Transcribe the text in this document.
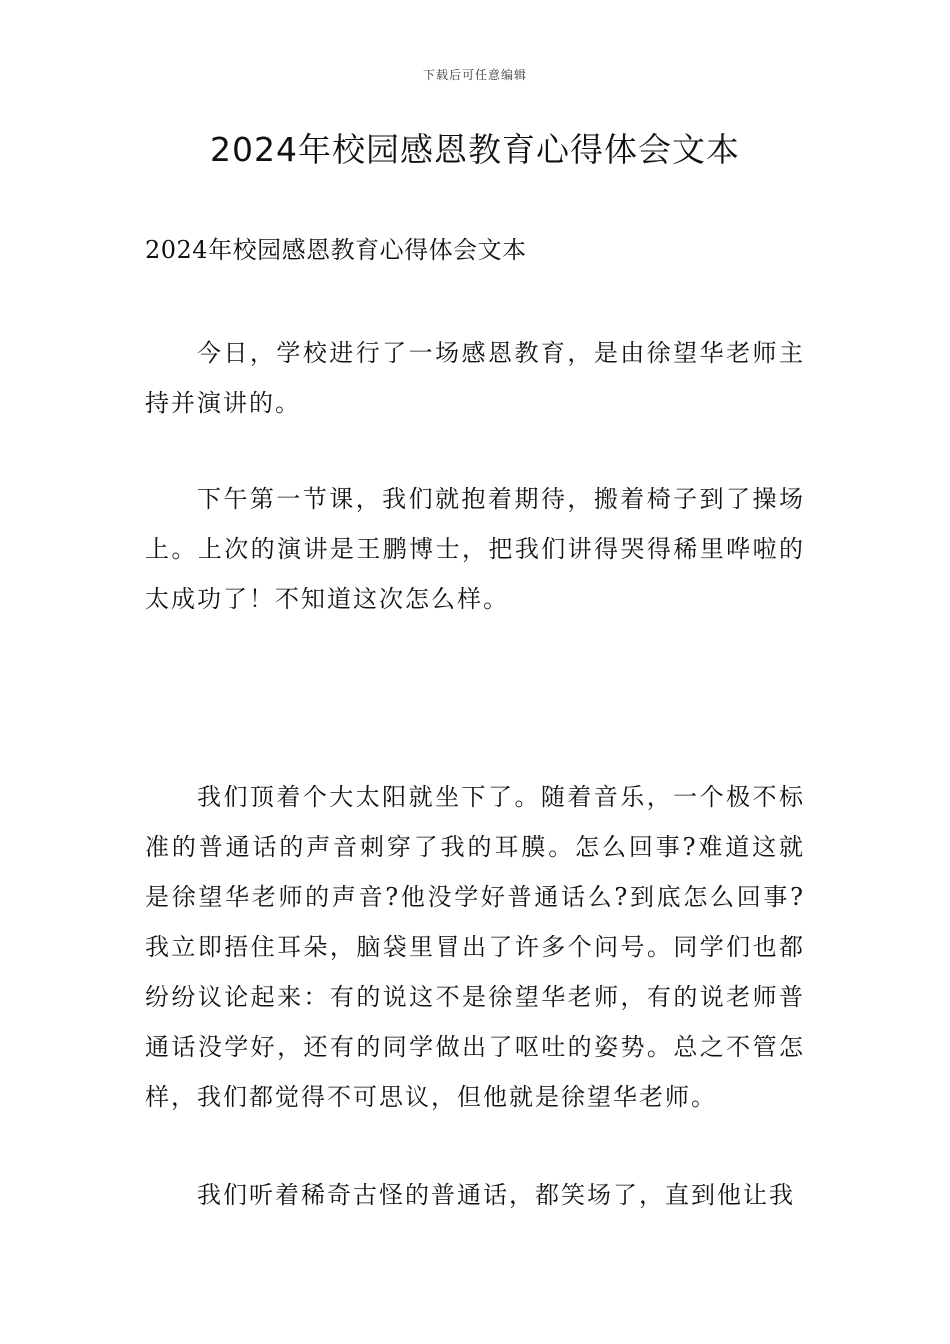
下载后可任意编辑
2024年校园感恩教育心得体会文本
2024年校园感恩教育心得体会文本

今日，学校进行了一场感恩教育，是由徐望华老师主持并演讲的。

下午第一节课，我们就抱着期待，搬着椅子到了操场上。上次的演讲是王鹏博士，把我们讲得哭得稀里哗啦的太成功了！不知道这次怎么样。

我们顶着个大太阳就坐下了。随着音乐，一个极不标准的普通话的声音刺穿了我的耳膜。怎么回事?难道这就是徐望华老师的声音?他没学好普通话么?到底怎么回事?我立即捂住耳朵，脑袋里冒出了许多个问号。同学们也都纷纷议论起来：有的说这不是徐望华老师，有的说老师普通话没学好，还有的同学做出了呕吐的姿势。总之不管怎样，我们都觉得不可思议，但他就是徐望华老师。

我们听着稀奇古怪的普通话，都笑场了，直到他让我
